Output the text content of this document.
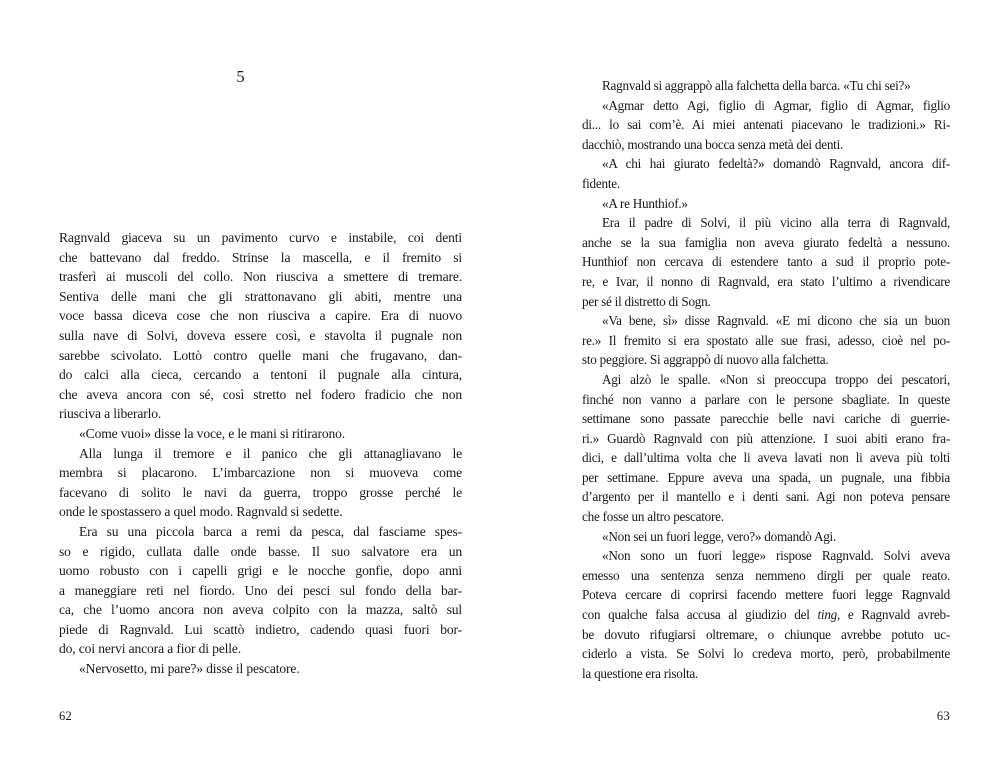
5
Ragnvald giaceva su un pavimento curvo e instabile, coi denti
che battevano dal freddo. Strinse la mascella, e il fremito si
trasferì ai muscoli del collo. Non riusciva a smettere di tremare.
Sentiva delle mani che gli strattonavano gli abiti, mentre una
voce bassa diceva cose che non riusciva a capire. Era di nuovo
sulla nave di Solvi, doveva essere così, e stavolta il pugnale non
sarebbe scivolato. Lottò contro quelle mani che frugavano, dan-
do calci alla cieca, cercando a tentoni il pugnale alla cintura,
che aveva ancora con sé, così stretto nel fodero fradicio che non
riusciva a liberarlo.
«Come vuoi» disse la voce, e le mani si ritirarono.
Alla lunga il tremore e il panico che gli attanagliavano le
membra si placarono. L’imbarcazione non si muoveva come
facevano di solito le navi da guerra, troppo grosse perché le
onde le spostassero a quel modo. Ragnvald si sedette.
Era su una piccola barca a remi da pesca, dal fasciame spes-
so e rigido, cullata dalle onde basse. Il suo salvatore era un
uomo robusto con i capelli grigi e le nocche gonfie, dopo anni
a maneggiare reti nel fiordo. Uno dei pesci sul fondo della bar-
ca, che l’uomo ancora non aveva colpito con la mazza, saltò sul
piede di Ragnvald. Lui scattò indietro, cadendo quasi fuori bor-
do, coi nervi ancora a fior di pelle.
«Nervosetto, mi pare?» disse il pescatore.
62
Ragnvald si aggrappò alla falchetta della barca. «Tu chi sei?»
«Agmar detto Agi, figlio di Agmar, figlio di Agmar, figlio
di... lo sai com’è. Ai miei antenati piacevano le tradizioni.» Ri-
dacchiò, mostrando una bocca senza metà dei denti.
«A chi hai giurato fedeltà?» domandò Ragnvald, ancora dif-
fidente.
«A re Hunthiof.»
Era il padre di Solvi, il più vicino alla terra di Ragnvald,
anche se la sua famiglia non aveva giurato fedeltà a nessuno.
Hunthiof non cercava di estendere tanto a sud il proprio pote-
re, e Ivar, il nonno di Ragnvald, era stato l’ultimo a rivendicare
per sé il distretto di Sogn.
«Va bene, sì» disse Ragnvald. «E mi dicono che sia un buon
re.» Il fremito si era spostato alle sue frasi, adesso, cioè nel po-
sto peggiore. Si aggrappò di nuovo alla falchetta.
Agi alzò le spalle. «Non si preoccupa troppo dei pescatori,
finché non vanno a parlare con le persone sbagliate. In queste
settimane sono passate parecchie belle navi cariche di guerrie-
ri.» Guardò Ragnvald con più attenzione. I suoi abiti erano fra-
dici, e dall’ultima volta che li aveva lavati non li aveva più tolti
per settimane. Eppure aveva una spada, un pugnale, una fibbia
d’argento per il mantello e i denti sani. Agi non poteva pensare
che fosse un altro pescatore.
«Non sei un fuori legge, vero?» domandò Agi.
«Non sono un fuori legge» rispose Ragnvald. Solvi aveva
emesso una sentenza senza nemmeno dirgli per quale reato.
Poteva cercare di coprirsi facendo mettere fuori legge Ragnvald
con qualche falsa accusa al giudizio del ting, e Ragnvald avreb-
be dovuto rifugiarsi oltremare, o chiunque avrebbe potuto uc-
ciderlo a vista. Se Solvi lo credeva morto, però, probabilmente
la questione era risolta.
63
